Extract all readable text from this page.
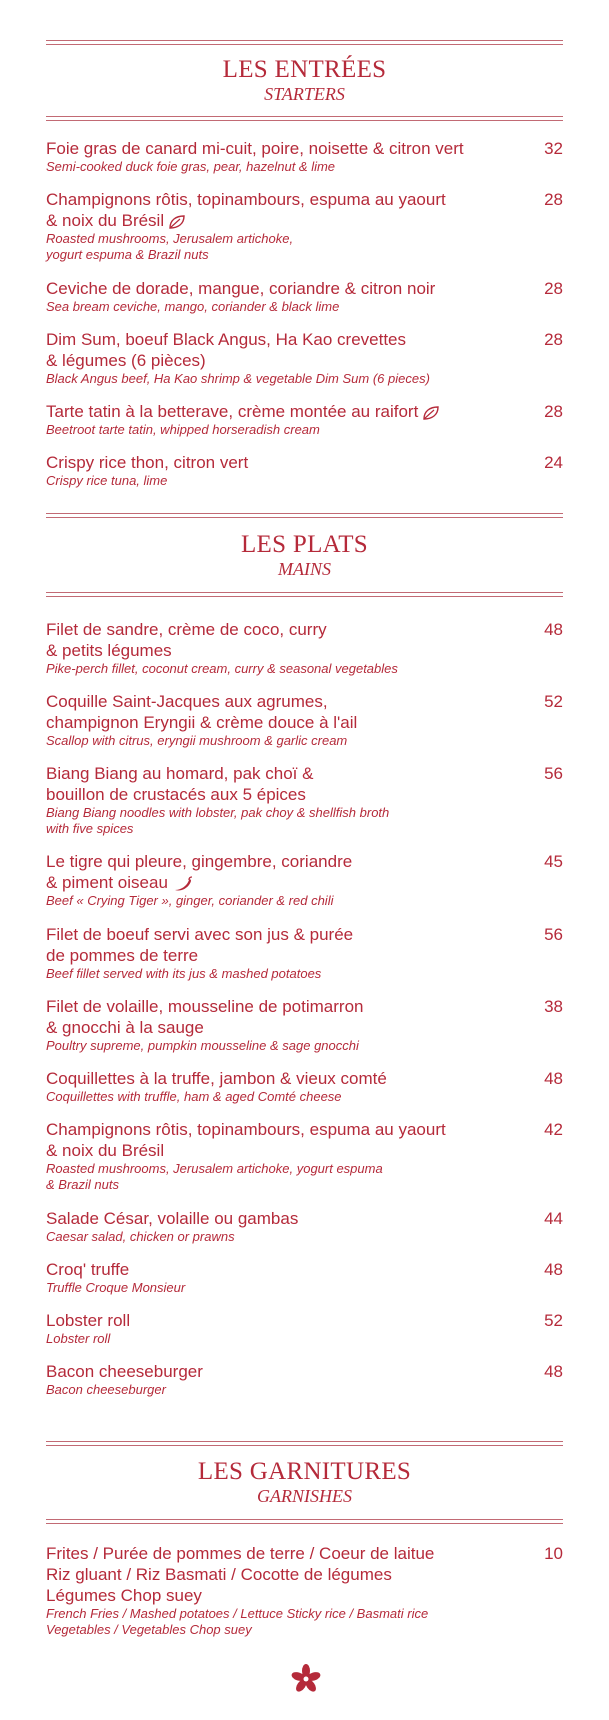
LES ENTRÉES
STARTERS
Foie gras de canard mi-cuit, poire, noisette & citron vert
Semi-cooked duck foie gras, pear, hazelnut & lime
32
Champignons rôtis, topinambours, espuma au yaourt
& noix du Brésil
Roasted mushrooms, Jerusalem artichoke,
yogurt espuma & Brazil nuts
28
Ceviche de dorade, mangue, coriandre & citron noir
Sea bream ceviche, mango, coriander & black lime
28
Dim Sum, boeuf Black Angus, Ha Kao crevettes
& légumes (6 pièces)
Black Angus beef, Ha Kao shrimp & vegetable Dim Sum (6 pieces)
28
Tarte tatin à la betterave, crème montée au raifort
Beetroot tarte tatin, whipped horseradish cream
28
Crispy rice thon, citron vert
Crispy rice tuna, lime
24
LES PLATS
MAINS
Filet de sandre, crème de coco, curry
& petits légumes
Pike-perch fillet, coconut cream, curry & seasonal vegetables
48
Coquille Saint-Jacques aux agrumes,
champignon Eryngii & crème douce à l'ail
Scallop with citrus, eryngii mushroom & garlic cream
52
Biang Biang au homard, pak choï &
bouillon de crustacés aux 5 épices
Biang Biang noodles with lobster, pak choy & shellfish broth
with five spices
56
Le tigre qui pleure, gingembre, coriandre
& piment oiseau
Beef « Crying Tiger », ginger, coriander & red chili
45
Filet de boeuf servi avec son jus & purée
de pommes de terre
Beef fillet served with its jus & mashed potatoes
56
Filet de volaille, mousseline de potimarron
& gnocchi à la sauge
Poultry supreme, pumpkin mousseline & sage gnocchi
38
Coquillettes à la truffe, jambon & vieux comté
Coquillettes with truffle, ham & aged Comté cheese
48
Champignons rôtis, topinambours, espuma au yaourt
& noix du Brésil
Roasted mushrooms, Jerusalem artichoke, yogurt espuma
& Brazil nuts
42
Salade César, volaille ou gambas
Caesar salad, chicken or prawns
44
Croq' truffe
Truffle Croque Monsieur
48
Lobster roll
Lobster roll
52
Bacon cheeseburger
Bacon cheeseburger
48
LES GARNITURES
GARNISHES
Frites / Purée de pommes de terre / Coeur de laitue
Riz gluant / Riz Basmati / Cocotte de légumes
Légumes Chop suey
French Fries / Mashed potatoes / Lettuce Sticky rice / Basmati rice
Vegetables / Vegetables Chop suey
10
